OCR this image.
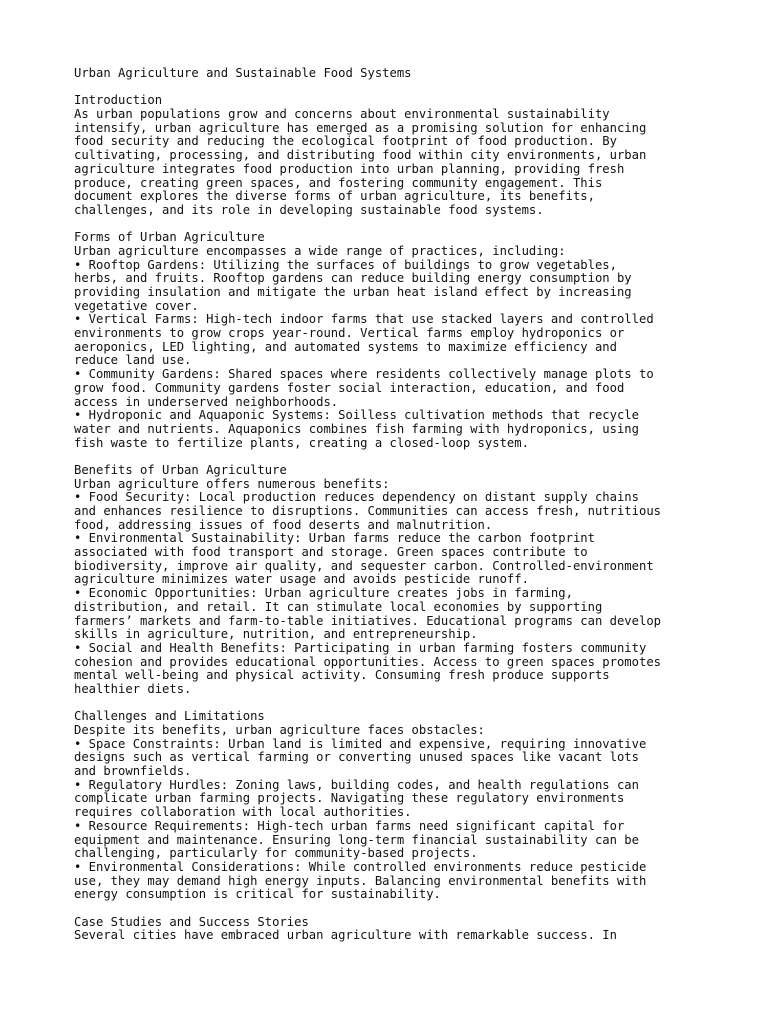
Urban Agriculture and Sustainable Food Systems
Introduction
As urban populations grow and concerns about environmental sustainability
intensify, urban agriculture has emerged as a promising solution for enhancing
food security and reducing the ecological footprint of food production. By
cultivating, processing, and distributing food within city environments, urban
agriculture integrates food production into urban planning, providing fresh
produce, creating green spaces, and fostering community engagement. This
document explores the diverse forms of urban agriculture, its benefits,
challenges, and its role in developing sustainable food systems.
Forms of Urban Agriculture
Urban agriculture encompasses a wide range of practices, including:
• Rooftop Gardens: Utilizing the surfaces of buildings to grow vegetables,
herbs, and fruits. Rooftop gardens can reduce building energy consumption by
providing insulation and mitigate the urban heat island effect by increasing
vegetative cover.
• Vertical Farms: High-tech indoor farms that use stacked layers and controlled
environments to grow crops year-round. Vertical farms employ hydroponics or
aeroponics, LED lighting, and automated systems to maximize efficiency and
reduce land use.
• Community Gardens: Shared spaces where residents collectively manage plots to
grow food. Community gardens foster social interaction, education, and food
access in underserved neighborhoods.
• Hydroponic and Aquaponic Systems: Soilless cultivation methods that recycle
water and nutrients. Aquaponics combines fish farming with hydroponics, using
fish waste to fertilize plants, creating a closed-loop system.
Benefits of Urban Agriculture
Urban agriculture offers numerous benefits:
• Food Security: Local production reduces dependency on distant supply chains
and enhances resilience to disruptions. Communities can access fresh, nutritious
food, addressing issues of food deserts and malnutrition.
• Environmental Sustainability: Urban farms reduce the carbon footprint
associated with food transport and storage. Green spaces contribute to
biodiversity, improve air quality, and sequester carbon. Controlled-environment
agriculture minimizes water usage and avoids pesticide runoff.
• Economic Opportunities: Urban agriculture creates jobs in farming,
distribution, and retail. It can stimulate local economies by supporting
farmers’ markets and farm-to-table initiatives. Educational programs can develop
skills in agriculture, nutrition, and entrepreneurship.
• Social and Health Benefits: Participating in urban farming fosters community
cohesion and provides educational opportunities. Access to green spaces promotes
mental well-being and physical activity. Consuming fresh produce supports
healthier diets.
Challenges and Limitations
Despite its benefits, urban agriculture faces obstacles:
• Space Constraints: Urban land is limited and expensive, requiring innovative
designs such as vertical farming or converting unused spaces like vacant lots
and brownfields.
• Regulatory Hurdles: Zoning laws, building codes, and health regulations can
complicate urban farming projects. Navigating these regulatory environments
requires collaboration with local authorities.
• Resource Requirements: High-tech urban farms need significant capital for
equipment and maintenance. Ensuring long-term financial sustainability can be
challenging, particularly for community-based projects.
• Environmental Considerations: While controlled environments reduce pesticide
use, they may demand high energy inputs. Balancing environmental benefits with
energy consumption is critical for sustainability.
Case Studies and Success Stories
Several cities have embraced urban agriculture with remarkable success. In
